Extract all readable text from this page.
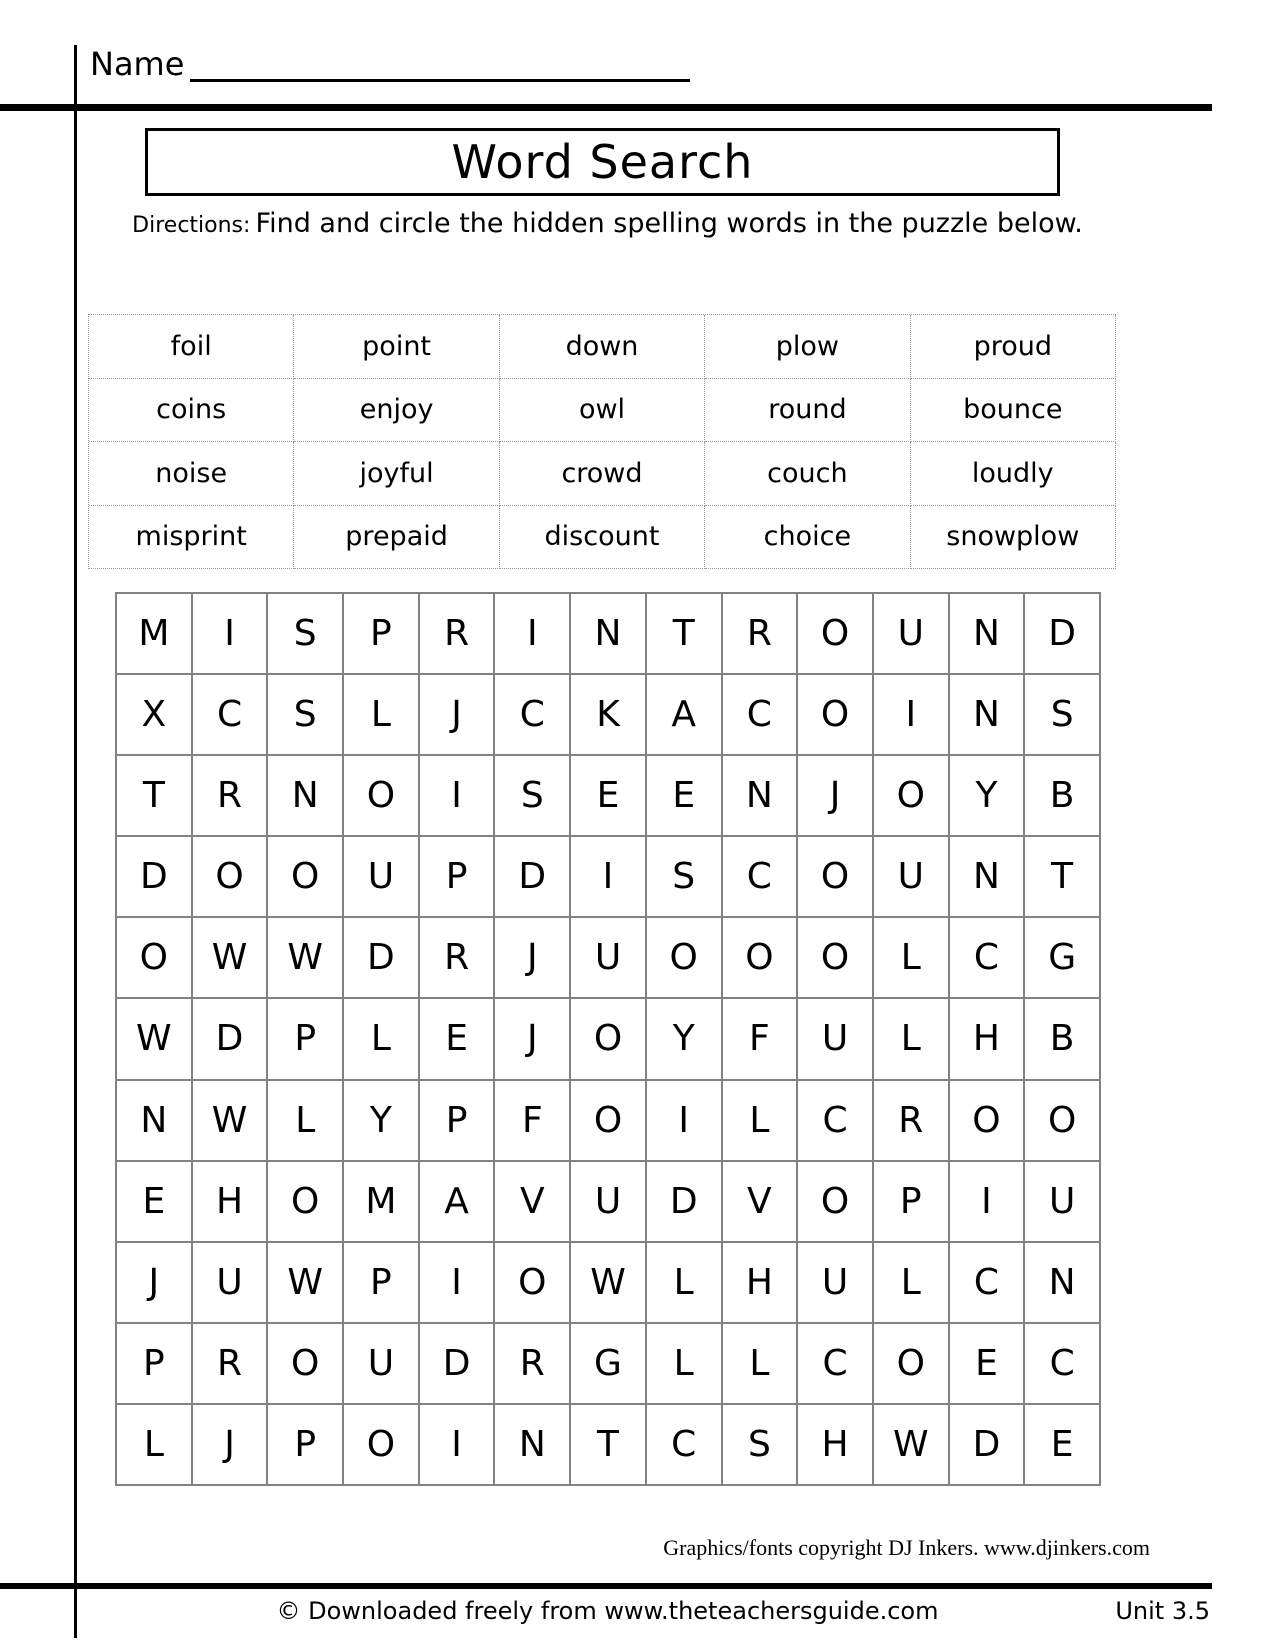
Name
Word Search
Directions: Find and circle the hidden spelling words in the puzzle below.
foil	point	down	plow	proud
coins	enjoy	owl	round	bounce
noise	joyful	crowd	couch	loudly
misprint	prepaid	discount	choice	snowplow
M	I	S	P	R	I	N	T	R	O	U	N	D
X	C	S	L	J	C	K	A	C	O	I	N	S
T	R	N	O	I	S	E	E	N	J	O	Y	B
D	O	O	U	P	D	I	S	C	O	U	N	T
O	W	W	D	R	J	U	O	O	O	L	C	G
W	D	P	L	E	J	O	Y	F	U	L	H	B
N	W	L	Y	P	F	O	I	L	C	R	O	O
E	H	O	M	A	V	U	D	V	O	P	I	U
J	U	W	P	I	O	W	L	H	U	L	C	N
P	R	O	U	D	R	G	L	L	C	O	E	C
L	J	P	O	I	N	T	C	S	H	W	D	E
Graphics/fonts copyright DJ Inkers. www.djinkers.com
© Downloaded freely from www.theteachersguide.com	Unit 3.5
